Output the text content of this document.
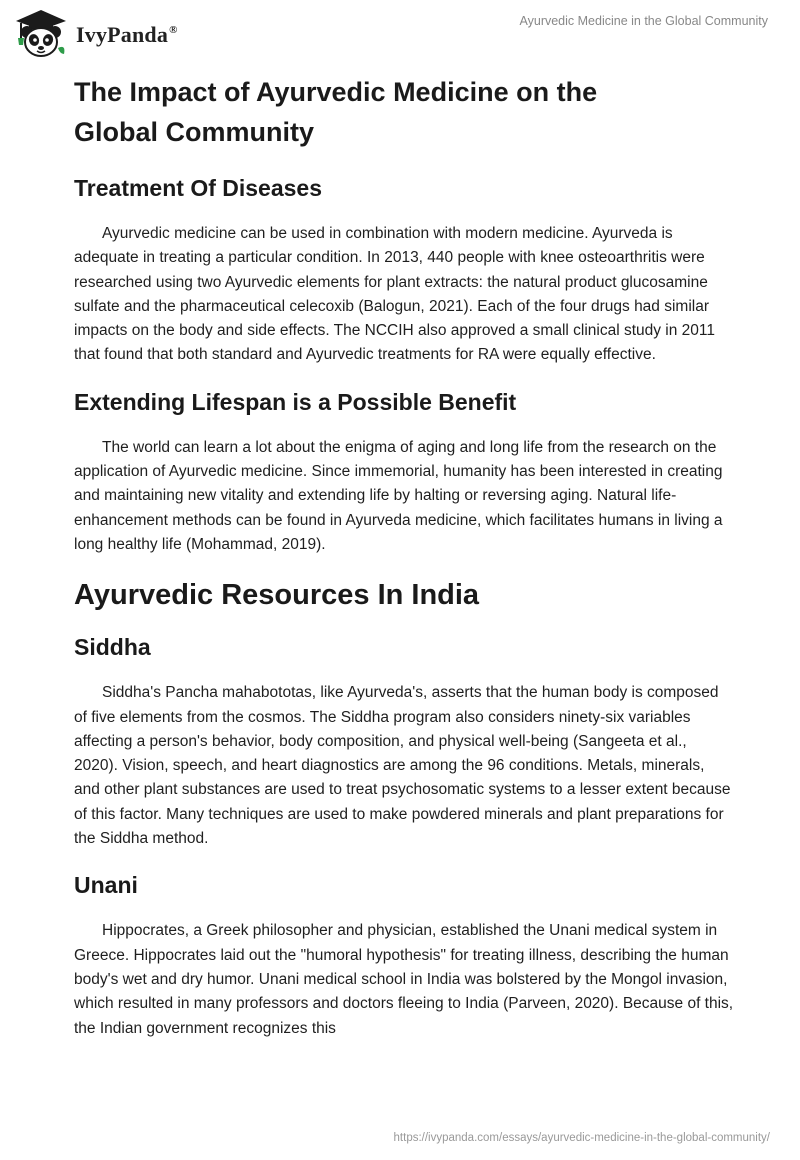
IvyPanda®
Ayurvedic Medicine in the Global Community
The Impact of Ayurvedic Medicine on the Global Community
Treatment Of Diseases

Ayurvedic medicine can be used in combination with modern medicine. Ayurveda is adequate in treating a particular condition. In 2013, 440 people with knee osteoarthritis were researched using two Ayurvedic elements for plant extracts: the natural product glucosamine sulfate and the pharmaceutical celecoxib (Balogun, 2021). Each of the four drugs had similar impacts on the body and side effects. The NCCIH also approved a small clinical study in 2011 that found that both standard and Ayurvedic treatments for RA were equally effective.

Extending Lifespan is a Possible Benefit

The world can learn a lot about the enigma of aging and long life from the research on the application of Ayurvedic medicine. Since immemorial, humanity has been interested in creating and maintaining new vitality and extending life by halting or reversing aging. Natural life-enhancement methods can be found in Ayurveda medicine, which facilitates humans in living a long healthy life (Mohammad, 2019).

Ayurvedic Resources In India
Siddha

Siddha's Pancha mahabototas, like Ayurveda's, asserts that the human body is composed of five elements from the cosmos. The Siddha program also considers ninety-six variables affecting a person's behavior, body composition, and physical well-being (Sangeeta et al., 2020). Vision, speech, and heart diagnostics are among the 96 conditions. Metals, minerals, and other plant substances are used to treat psychosomatic systems to a lesser extent because of this factor. Many techniques are used to make powdered minerals and plant preparations for the Siddha method.

Unani

Hippocrates, a Greek philosopher and physician, established the Unani medical system in Greece. Hippocrates laid out the "humoral hypothesis" for treating illness, describing the human body's wet and dry humor. Unani medical school in India was bolstered by the Mongol invasion, which resulted in many professors and doctors fleeing to India (Parveen, 2020). Because of this, the Indian government recognizes this

https://ivypanda.com/essays/ayurvedic-medicine-in-the-global-community/
